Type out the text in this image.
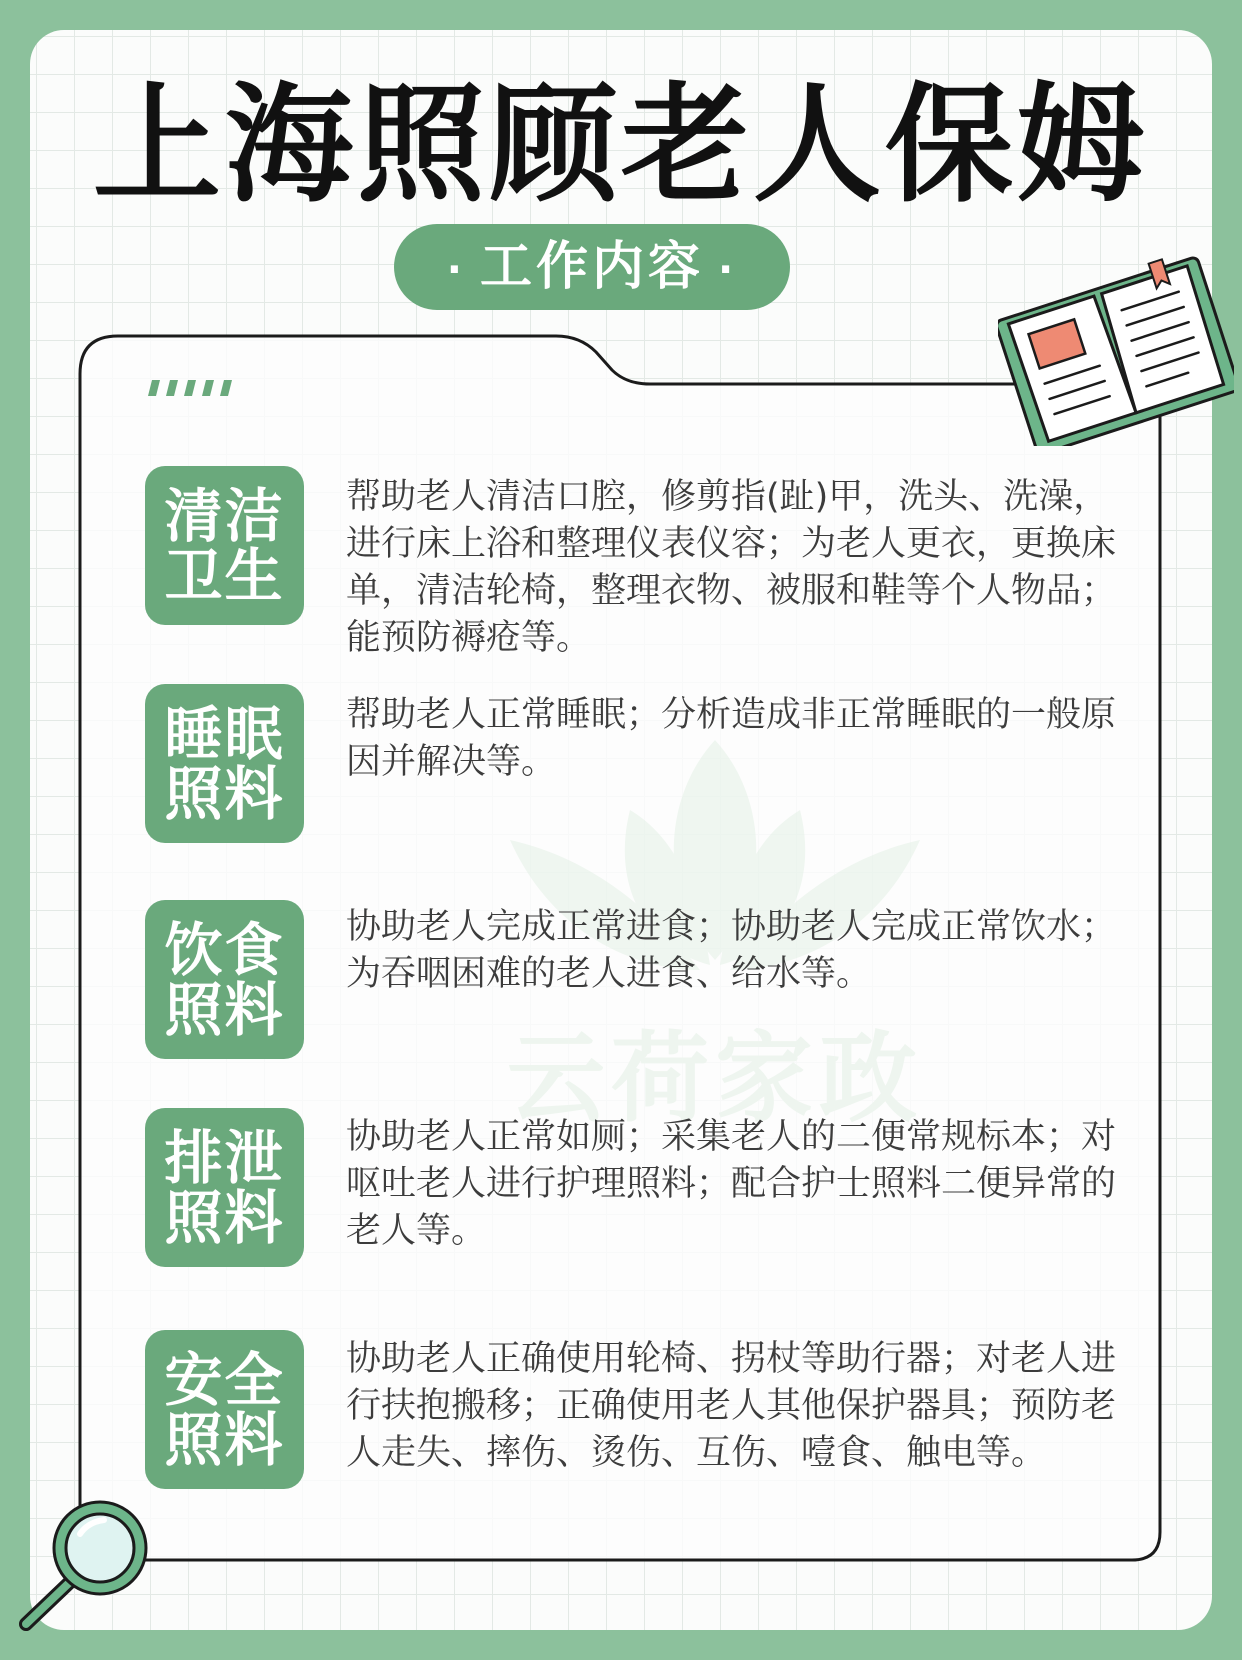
上海照顾老人保姆
· 工作内容 ·
云荷家政
清洁
卫生

帮助老人清洁口腔，修剪指(趾)甲，洗头、洗澡，进行床上浴和整理仪表仪容；为老人更衣，更换床单，清洁轮椅，整理衣物、被服和鞋等个人物品；能预防褥疮等。

睡眠
照料

帮助老人正常睡眠；分析造成非正常睡眠的一般原因并解决等。

饮食
照料

协助老人完成正常进食；协助老人完成正常饮水；为吞咽困难的老人进食、给水等。

排泄
照料

协助老人正常如厕；采集老人的二便常规标本；对呕吐老人进行护理照料；配合护士照料二便异常的老人等。

安全
照料

协助老人正确使用轮椅、拐杖等助行器；对老人进行扶抱搬移；正确使用老人其他保护器具；预防老人走失、摔伤、烫伤、互伤、噎食、触电等。
